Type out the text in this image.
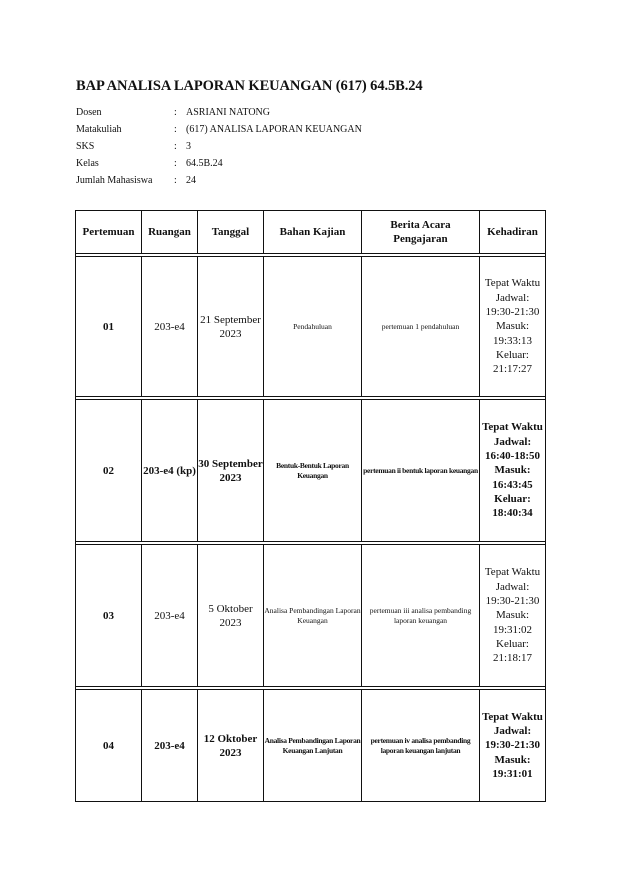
BAP ANALISA LAPORAN KEUANGAN (617) 64.5B.24
Dosen	: ASRIANI NATONG
Matakuliah	: (617) ANALISA LAPORAN KEUANGAN
SKS	: 3
Kelas	: 64.5B.24
Jumlah Mahasiswa	: 24
Pertemuan	Ruangan	Tanggal	Bahan Kajian	Berita Acara Pengajaran	Kehadiran

01	203-e4	21 September 2023	Pendahuluan	pertemuan 1 pendahuluan	Tepat Waktu Jadwal: 19:30-21:30 Masuk: 19:33:13 Keluar: 21:17:27

02	203-e4 (kp)	30 September 2023	Bentuk-Bentuk Laporan Keuangan	pertemuan ii bentuk laporan keuangan	Tepat Waktu Jadwal: 16:40-18:50 Masuk: 16:43:45 Keluar: 18:40:34

03	203-e4	5 Oktober 2023	Analisa Pembandingan Laporan Keuangan	pertemuan iii analisa pembanding laporan keuangan	Tepat Waktu Jadwal: 19:30-21:30 Masuk: 19:31:02 Keluar: 21:18:17

04	203-e4	12 Oktober 2023	Analisa Pembandingan Laporan Keuangan Lanjutan	pertemuan iv analisa pembanding laporan keuangan lanjutan	Tepat Waktu Jadwal: 19:30-21:30 Masuk: 19:31:01
